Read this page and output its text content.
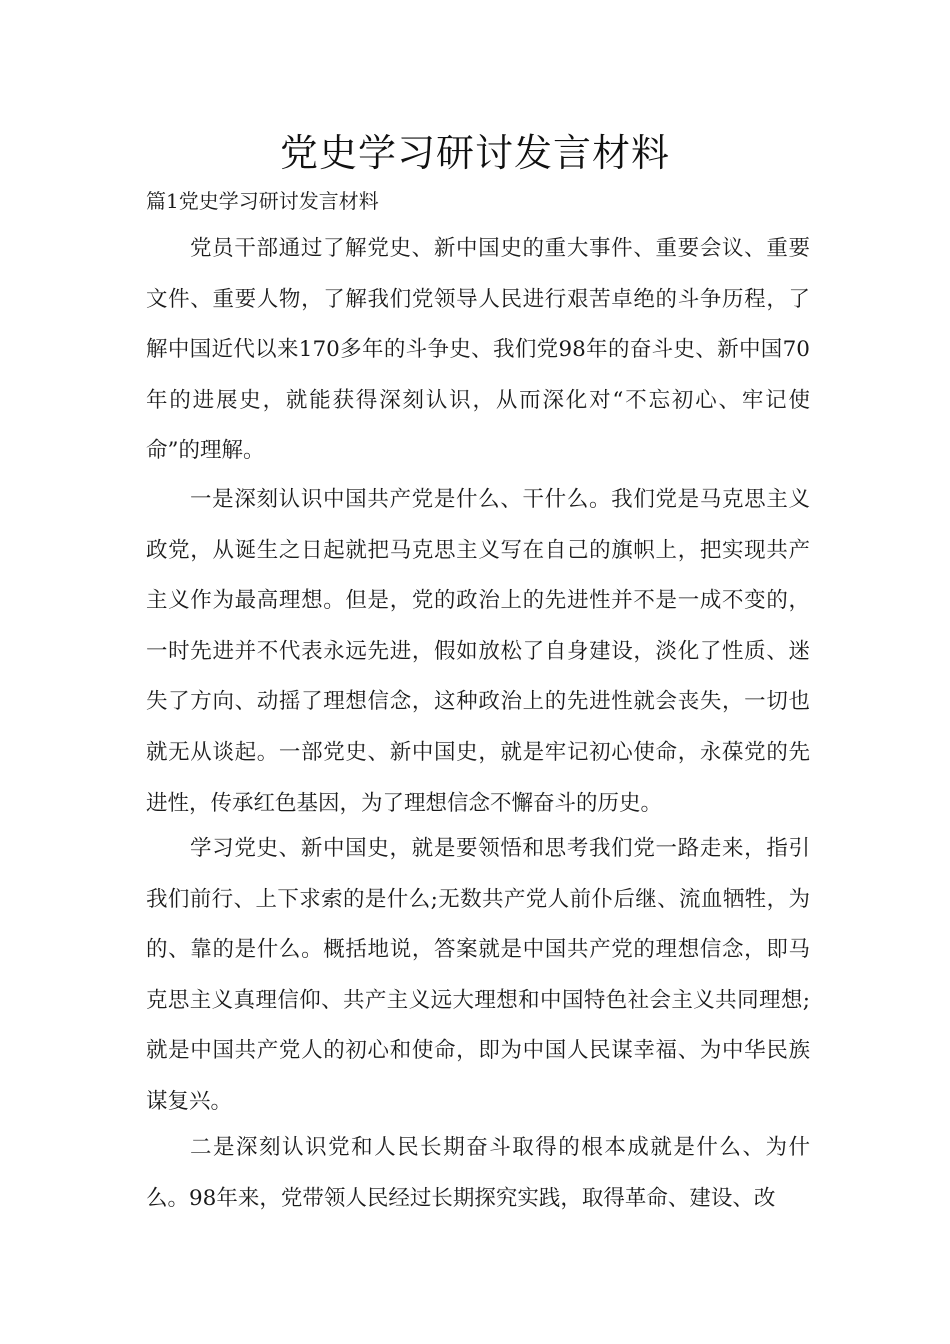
党史学习研讨发言材料
篇1党史学习研讨发言材料

党员干部通过了解党史、新中国史的重大事件、重要会议、重要文件、重要人物，了解我们党领导人民进行艰苦卓绝的斗争历程，了解中国近代以来170多年的斗争史、我们党98年的奋斗史、新中国70年的进展史，就能获得深刻认识，从而深化对“不忘初心、牢记使命”的理解。

一是深刻认识中国共产党是什么、干什么。我们党是马克思主义政党，从诞生之日起就把马克思主义写在自己的旗帜上，把实现共产主义作为最高理想。但是，党的政治上的先进性并不是一成不变的，一时先进并不代表永远先进，假如放松了自身建设，淡化了性质、迷失了方向、动摇了理想信念，这种政治上的先进性就会丧失，一切也就无从谈起。一部党史、新中国史，就是牢记初心使命，永葆党的先进性，传承红色基因，为了理想信念不懈奋斗的历史。

学习党史、新中国史，就是要领悟和思考我们党一路走来，指引我们前行、上下求索的是什么;无数共产党人前仆后继、流血牺牲，为的、靠的是什么。概括地说，答案就是中国共产党的理想信念，即马克思主义真理信仰、共产主义远大理想和中国特色社会主义共同理想;就是中国共产党人的初心和使命，即为中国人民谋幸福、为中华民族谋复兴。

二是深刻认识党和人民长期奋斗取得的根本成就是什么、为什么。98年来，党带领人民经过长期探究实践，取得革命、建设、改
